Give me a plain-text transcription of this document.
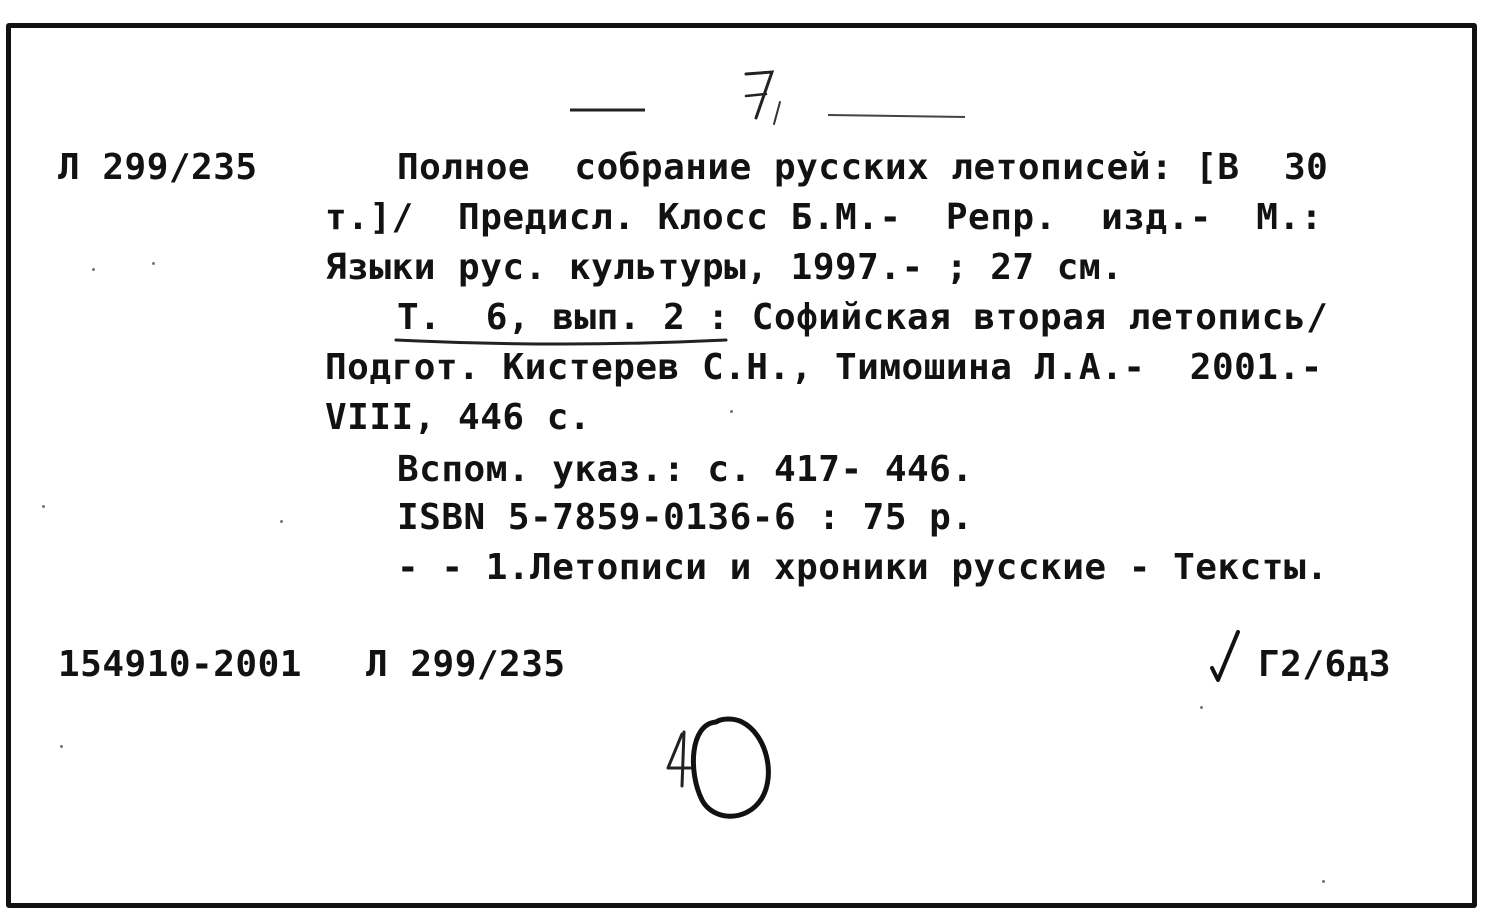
Л 299/235	Полное  собрание русских летописей: [В  30
т.]/  Предисл. Клосс Б.М.-  Репр.  изд.-  М.:
Языки рус. культуры, 1997.- ; 27 см.
Т.  6, вып. 2 : Софийская вторая летопись/
Подгот. Кистерев С.Н., Тимошина Л.А.-  2001.-
VIII, 446 с.
Вспом. указ.: с. 417- 446.
ISBN 5-7859-0136-6 : 75 р.
- - 1.Летописи и хроники русские - Тексты.
154910-2001 Л 299/235	Г2/6д3
